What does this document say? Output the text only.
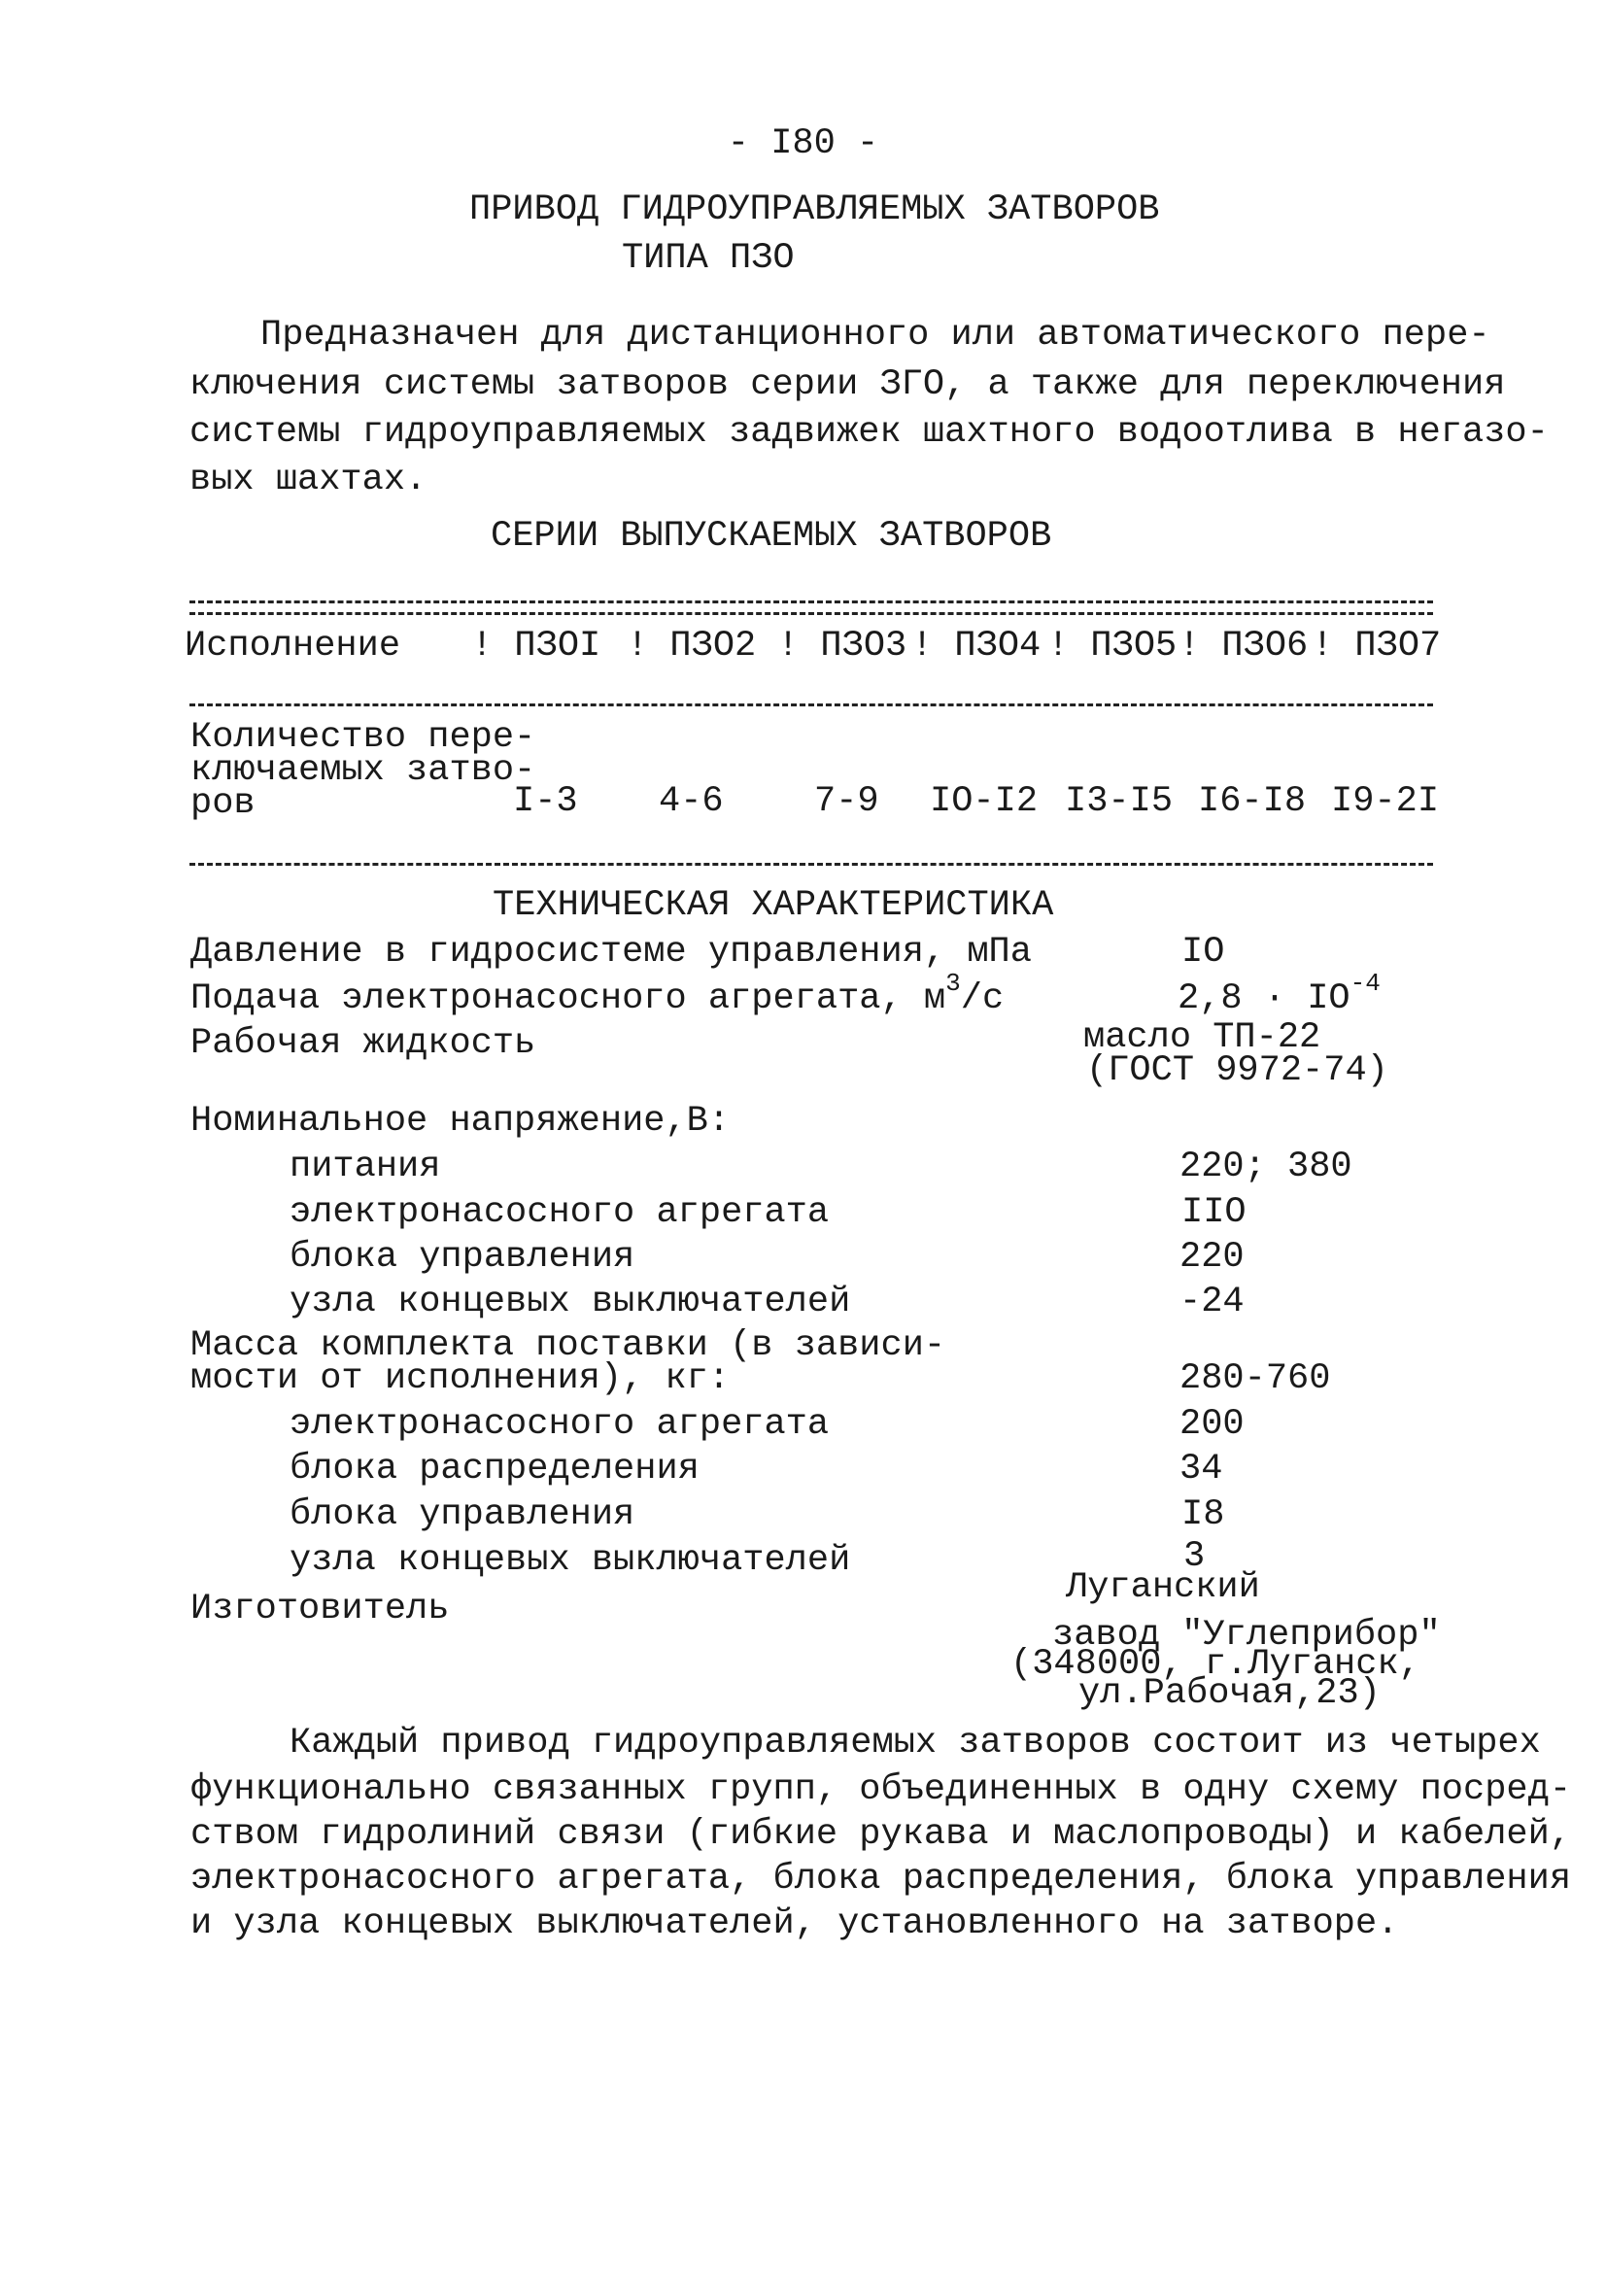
- I80 -
ПРИВОД ГИДРОУПРАВЛЯЕМЫХ ЗАТВОРОВ
ТИПА ПЗО
Предназначен для дистанционного или автоматического пере-
ключения системы затворов серии ЗГО, а также для переключения
системы гидроуправляемых задвижек шахтного водоотлива в негазо-
вых шахтах.
СЕРИИ ВЫПУСКАЕМЫХ ЗАТВОРОВ
Исполнение ! ПЗОI ! ПЗО2 ! ПЗО3 ! ПЗО4 ! ПЗО5 ! ПЗО6 ! ПЗО7
Количество пере-
ключаемых затво-
ров	I-3 4-6	7-9 IO-I2 I3-I5 I6-I8 I9-2I
ТЕХНИЧЕСКАЯ ХАРАКТЕРИСТИКА
Давление в гидросистеме управления, мПа	IO
Подача электронасосного агрегата, $м^3/с$	$2,8 \cdot IO^{-4}$
Рабочая жидкость	масло ТП-22
(ГОСТ 9972-74)
Номинальное напряжение,В:
питания	220; 380
электронасосного агрегата	IIO
блока управления	220
узла концевых выключателей	-24
Масса комплекта поставки (в зависи-
мости от исполнения), кг:	280-760
электронасосного агрегата	200
блока распределения	34
блока управления	I8
узла концевых выключателей	3
Луганский
Изготовитель
завод "Углеприбор"
(348000, г.Луганск,
ул.Рабочая,23)
Каждый привод гидроуправляемых затворов состоит из четырех
функционально связанных групп, объединенных в одну схему посред-
ством гидролиний связи (гибкие рукава и маслопроводы) и кабелей,
электронасосного агрегата, блока распределения, блока управления
и узла концевых выключателей, установленного на затворе.
